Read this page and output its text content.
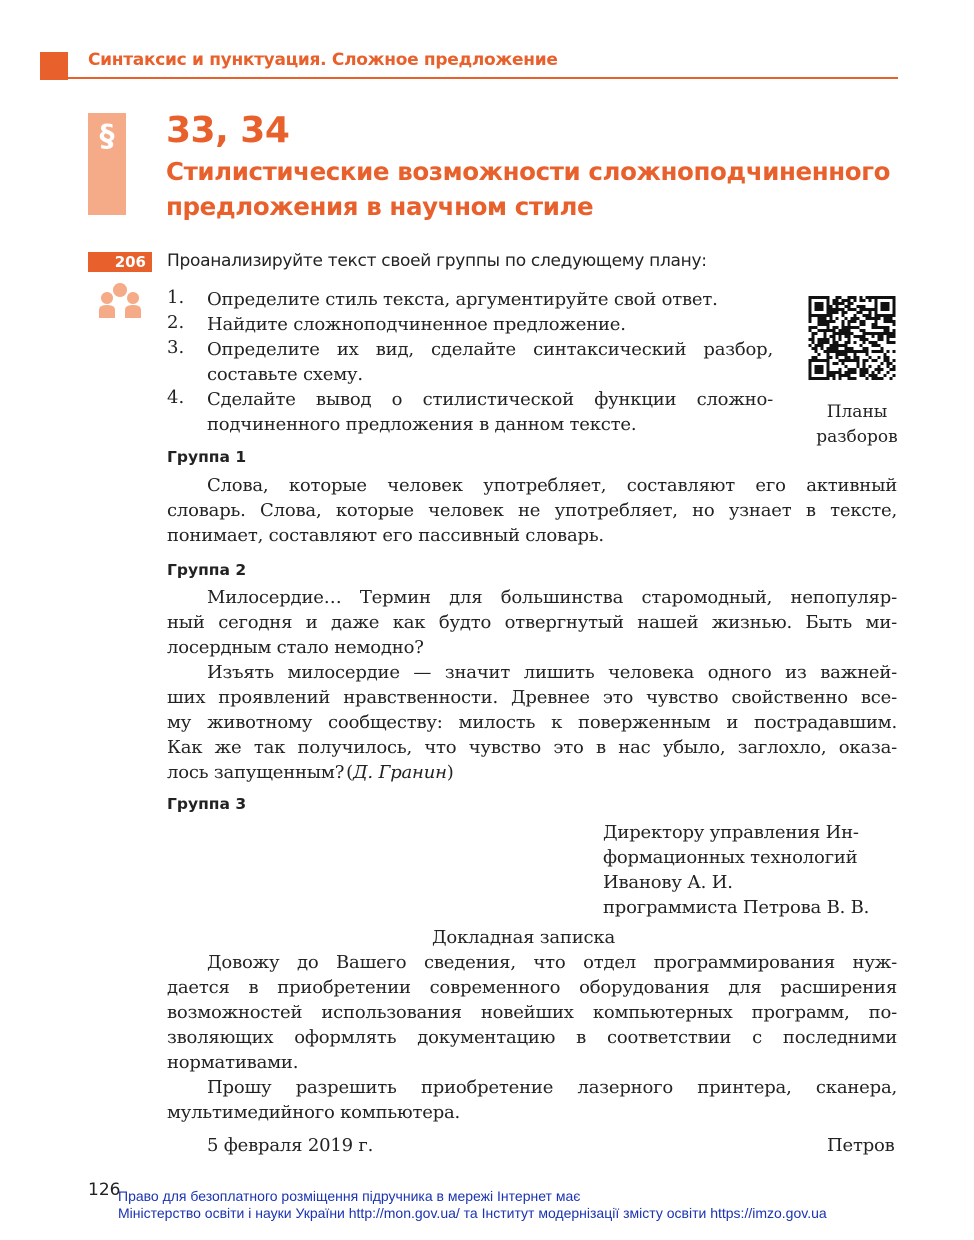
Синтаксис и пунктуация. Сложное предложение
§	33, 34
Стилистические возможности сложноподчиненного
предложения в научном стиле
206	Проанализируйте текст своей группы по следующему плану:
1. Определите стиль текста, аргументируйте свой ответ.
2. Найдите сложноподчиненное предложение.
3. Определите их вид, сделайте синтаксический разбор,
составьте схему.
4. Сделайте вывод о стилистической функции сложно-
подчиненного предложения в данном тексте.
Планы
разборов
Группа 1
Слова, которые человек употребляет, составляют его активный
словарь. Слова, которые человек не употребляет, но узнает в тексте,
понимает, составляют его пассивный словарь.
Группа 2
Милосердие… Термин для большинства старомодный, непопуляр-
ный сегодня и даже как будто отвергнутый нашей жизнью. Быть ми-
лосердным стало немодно?
Изъять милосердие — значит лишить человека одного из важней-
ших проявлений нравственности. Древнее это чувство свойственно все-
му животному сообществу: милость к поверженным и пострадавшим.
Как же так получилось, что чувство это в нас убыло, заглохло, оказа-
лось запущенным? (Д. Гранин)
Группа 3
Директору управления Ин-
формационных технологий
Иванову А. И.
программиста Петрова В. В.
Докладная записка
Довожу до Вашего сведения, что отдел программирования нуж-
дается в приобретении современного оборудования для расширения
возможностей использования новейших компьютерных программ, по-
зволяющих оформлять документацию в соответствии с последними
нормативами.
Прошу разрешить приобретение лазерного принтера, сканера,
мультимедийного компьютера.
5 февраля 2019 г.	Петров
126
Право для безоплатного розміщення підручника в мережі Інтернет має
Міністерство освіти і науки України http://mon.gov.ua/ та Інститут модернізації змісту освіти https://imzo.gov.ua
